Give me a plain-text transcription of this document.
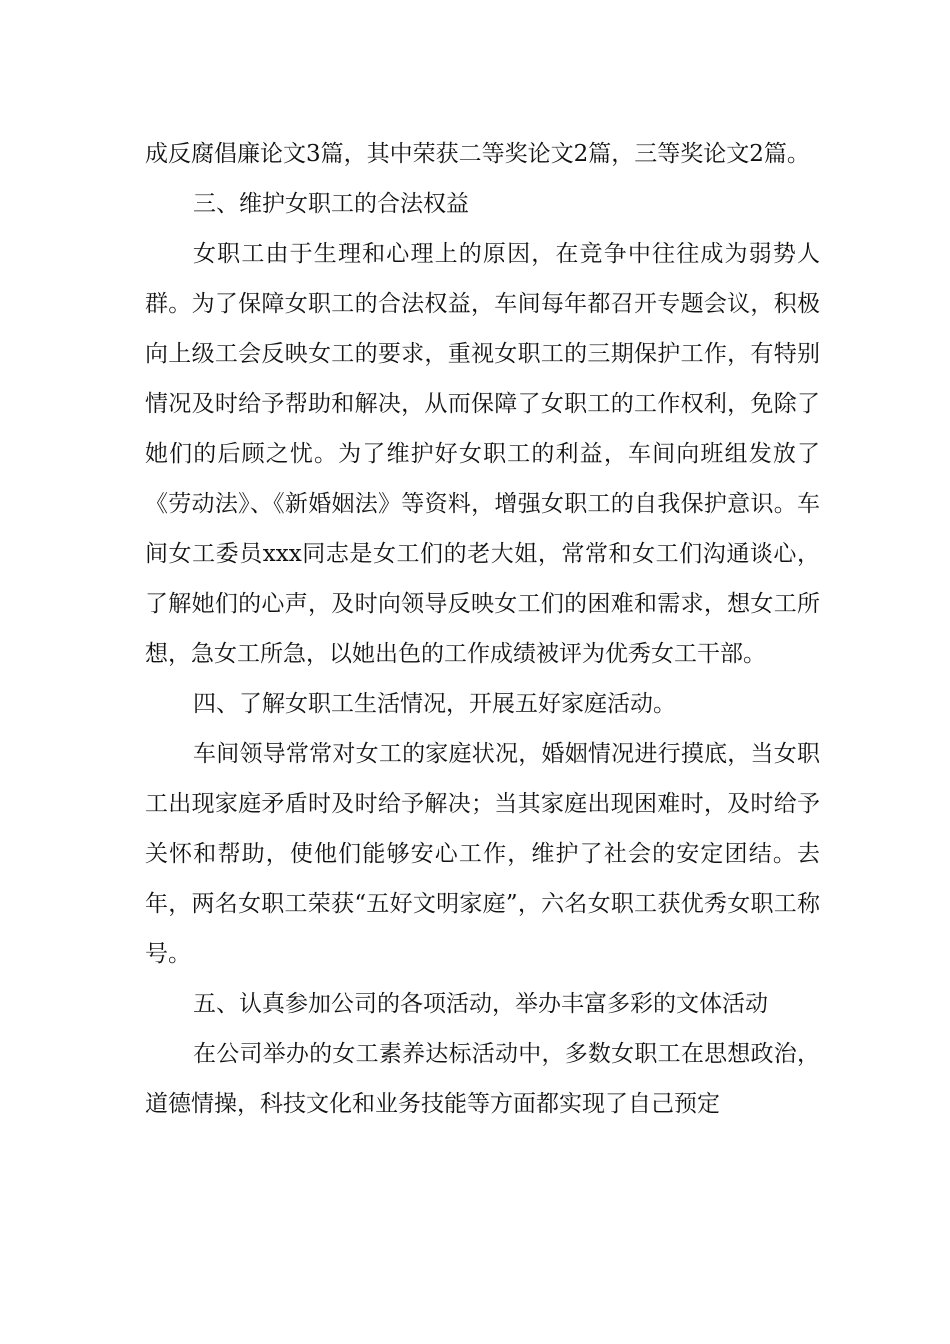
成反腐倡廉论文3篇，其中荣获二等奖论文2篇，三等奖论文2篇。

三、维护女职工的合法权益

女职工由于生理和心理上的原因，在竞争中往往成为弱势人群。为了保障女职工的合法权益，车间每年都召开专题会议，积极向上级工会反映女工的要求，重视女职工的三期保护工作，有特别情况及时给予帮助和解决，从而保障了女职工的工作权利，免除了她们的后顾之忧。为了维护好女职工的利益，车间向班组发放了《劳动法》、《新婚姻法》等资料，增强女职工的自我保护意识。车间女工委员xxx同志是女工们的老大姐，常常和女工们沟通谈心，了解她们的心声，及时向领导反映女工们的困难和需求，想女工所想，急女工所急，以她出色的工作成绩被评为优秀女工干部。

四、了解女职工生活情况，开展五好家庭活动。

车间领导常常对女工的家庭状况，婚姻情况进行摸底，当女职工出现家庭矛盾时及时给予解决；当其家庭出现困难时，及时给予关怀和帮助，使他们能够安心工作，维护了社会的安定团结。去年，两名女职工荣获“五好文明家庭”，六名女职工获优秀女职工称号。

五、认真参加公司的各项活动，举办丰富多彩的文体活动

在公司举办的女工素养达标活动中，多数女职工在思想政治，道德情操，科技文化和业务技能等方面都实现了自己预定
